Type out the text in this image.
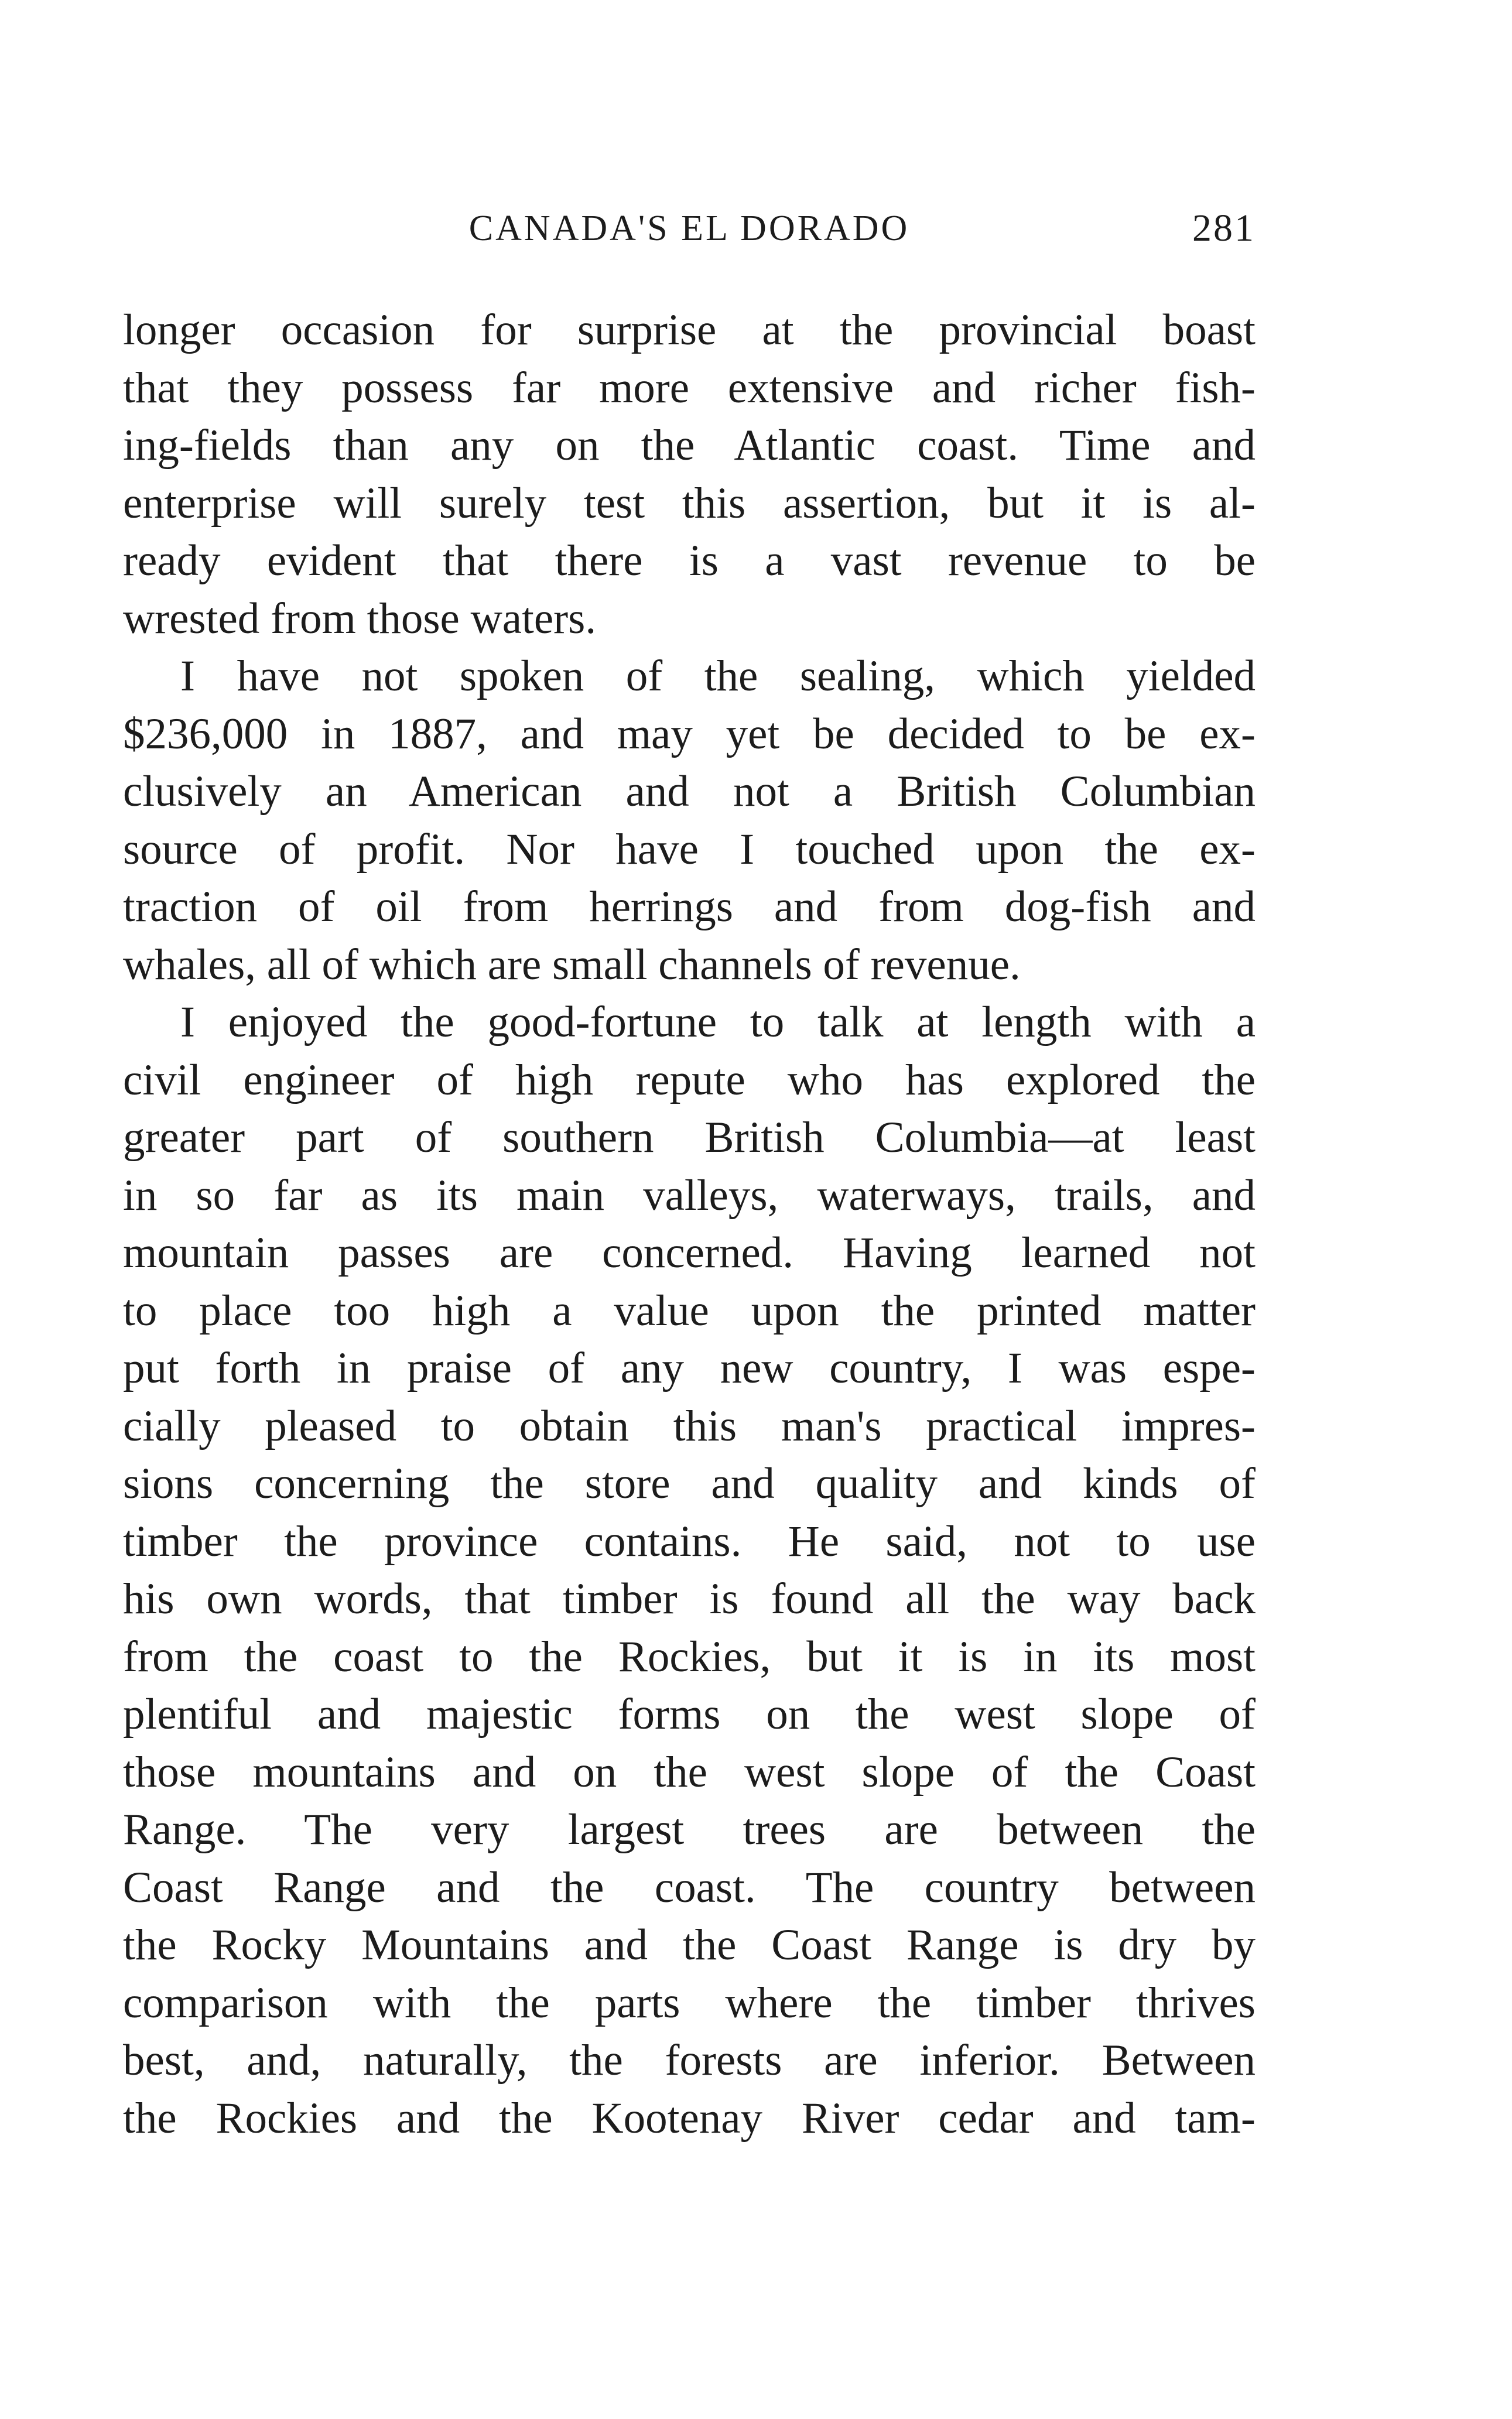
CANADA'S EL DORADO	281
longer occasion for surprise at the provincial boast
that they possess far more extensive and richer fish-
ing-fields than any on the Atlantic coast. Time and
enterprise will surely test this assertion, but it is al-
ready evident that there is a vast revenue to be
wrested from those waters.
I have not spoken of the sealing, which yielded
$236,000 in 1887, and may yet be decided to be ex-
clusively an American and not a British Columbian
source of profit. Nor have I touched upon the ex-
traction of oil from herrings and from dog-fish and
whales, all of which are small channels of revenue.
I enjoyed the good-fortune to talk at length with a
civil engineer of high repute who has explored the
greater part of southern British Columbia—at least
in so far as its main valleys, waterways, trails, and
mountain passes are concerned. Having learned not
to place too high a value upon the printed matter
put forth in praise of any new country, I was espe-
cially pleased to obtain this man's practical impres-
sions concerning the store and quality and kinds of
timber the province contains. He said, not to use
his own words, that timber is found all the way back
from the coast to the Rockies, but it is in its most
plentiful and majestic forms on the west slope of
those mountains and on the west slope of the Coast
Range. The very largest trees are between the
Coast Range and the coast. The country between
the Rocky Mountains and the Coast Range is dry by
comparison with the parts where the timber thrives
best, and, naturally, the forests are inferior. Between
the Rockies and the Kootenay River cedar and tam-
